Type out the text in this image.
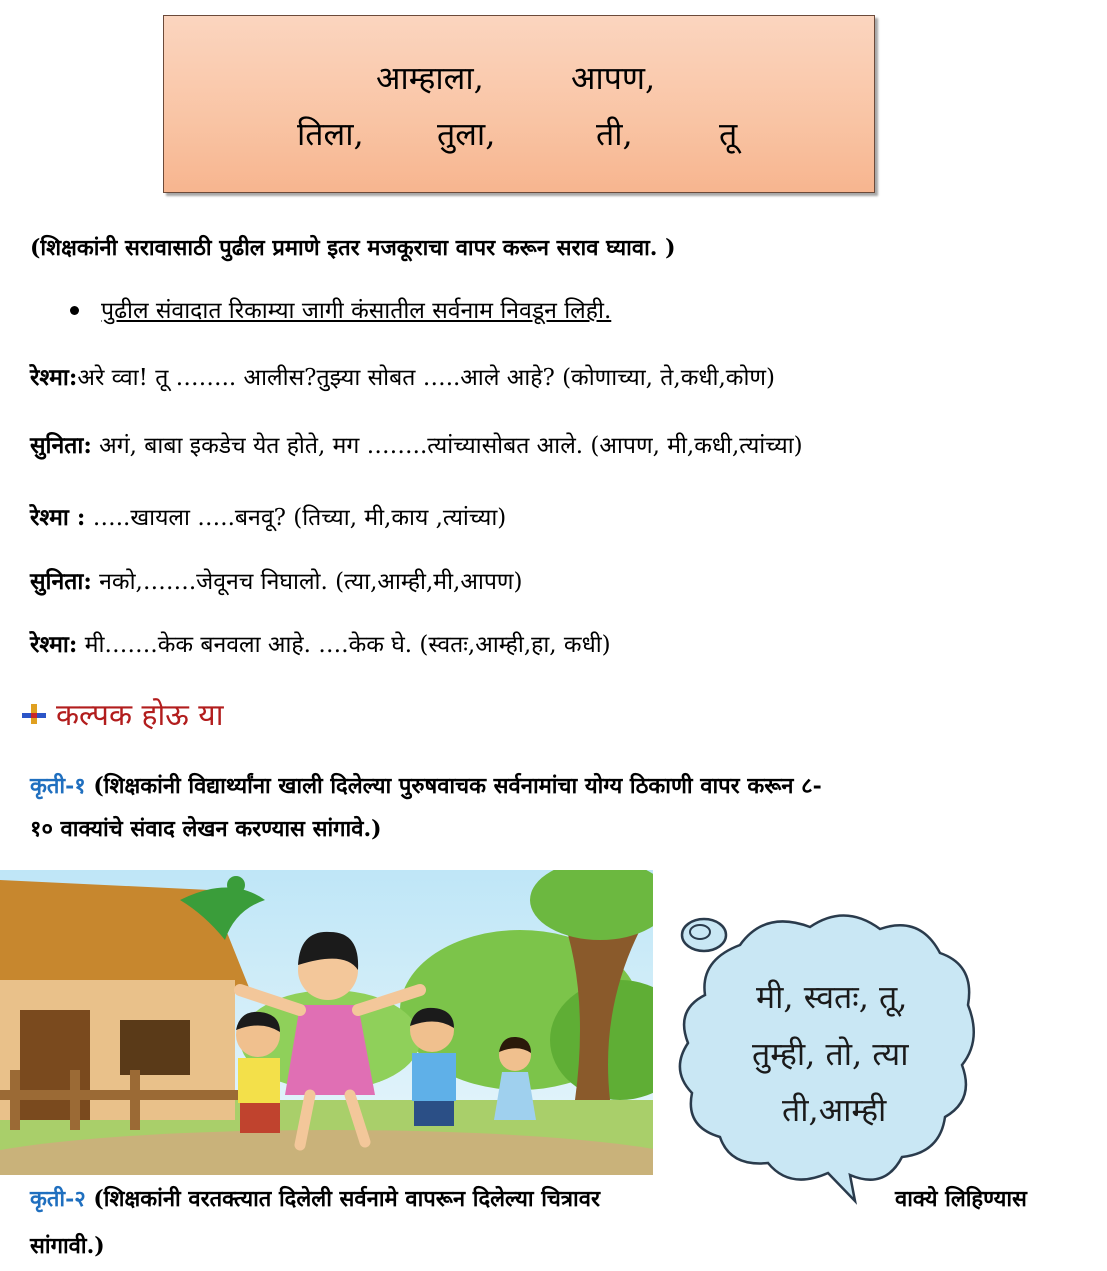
आम्हाला,	आपण,
तिला, तुला,	ती,	तू
(शिक्षकांनी सरावासाठी पुढील प्रमाणे इतर मजकूराचा वापर करून सराव घ्यावा. )
पुढील संवादात रिकाम्या जागी कंसातील सर्वनाम निवडून लिही.
रेश्मा:अरे व्वा! तू …….. आलीस?तुझ्या सोबत …..आले आहे? (कोणाच्या, ते,कधी,कोण)
सुनिता: अगं, बाबा इकडेच येत होते, मग ……..त्यांच्यासोबत आले. (आपण, मी,कधी,त्यांच्या)
रेश्मा : …..खायला …..बनवू? (तिच्या, मी,काय ,त्यांच्या)
सुनिता: नको,…….जेवूनच निघालो. (त्या,आम्ही,मी,आपण)
रेश्मा: मी…….केक बनवला आहे. ….केक घे. (स्वतः,आम्ही,हा, कधी)
कल्पक होऊ या
कृती-१ (शिक्षकांनी विद्यार्थ्यांना खाली दिलेल्या पुरुषवाचक सर्वनामांचा योग्य ठिकाणी वापर करून ८-
१० वाक्यांचे संवाद लेखन करण्यास सांगावे.)
मी, स्वतः, तू,
तुम्ही, तो, त्या
ती,आम्ही
कृती-२ (शिक्षकांनी वरतक्त्यात दिलेली सर्वनामे वापरून दिलेल्या चित्रावर	वाक्ये लिहिण्यास
सांगावी.)
